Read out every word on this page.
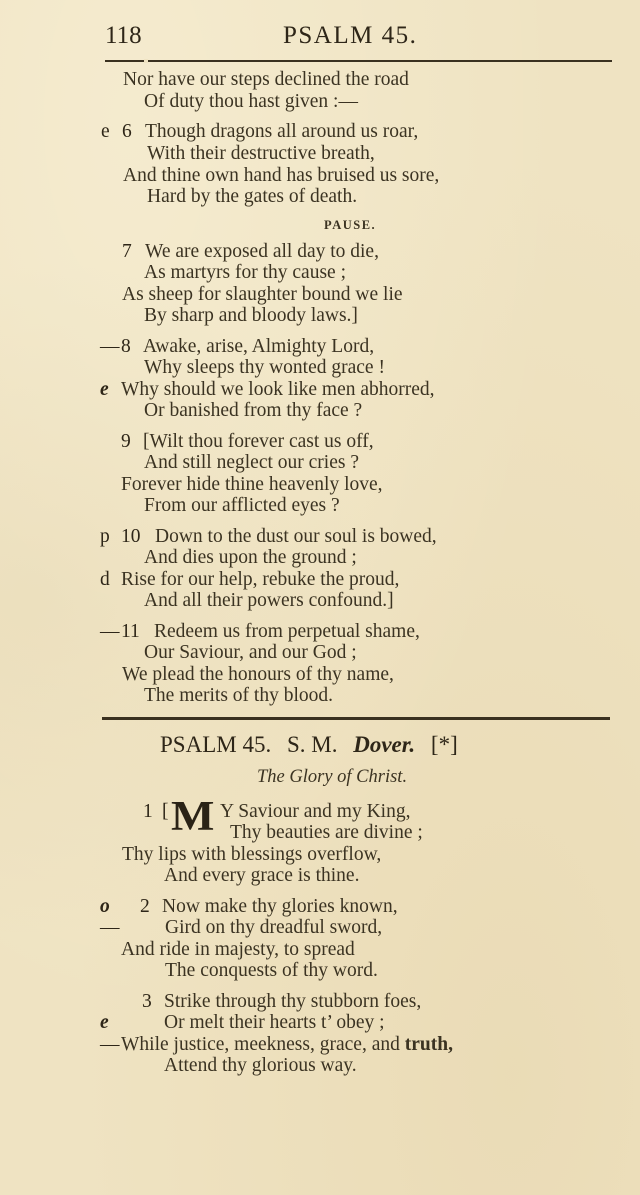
118	PSALM 45.
Nor have our steps declined the road
Of duty thou hast given :—
e 6 Though dragons all around us roar,
With their destructive breath,
And thine own hand has bruised us sore,
Hard by the gates of death.
PAUSE.
7 We are exposed all day to die,
As martyrs for thy cause ;
As sheep for slaughter bound we lie
By sharp and bloody laws.]
— 8 Awake, arise, Almighty Lord,
Why sleeps thy wonted grace !
e Why should we look like men abhorred,
Or banished from thy face ?
9 [Wilt thou forever cast us off,
And still neglect our cries ?
Forever hide thine heavenly love,
From our afflicted eyes ?
p 10 Down to the dust our soul is bowed,
And dies upon the ground ;
d Rise for our help, rebuke the proud,
And all their powers confound.]
— 11 Redeem us from perpetual shame,
Our Saviour, and our God ;
We plead the honours of thy name,
The merits of thy blood.
PSALM 45. S. M. Dover. [*]
The Glory of Christ.
1 [ M Y Saviour and my King,
Thy beauties are divine ;
Thy lips with blessings overflow,
And every grace is thine.
o 2 Now make thy glories known,
— Gird on thy dreadful sword,
And ride in majesty, to spread
The conquests of thy word.
3 Strike through thy stubborn foes,
e	Or melt their hearts t’ obey ;
— While justice, meekness, grace, and truth,
Attend thy glorious way.
